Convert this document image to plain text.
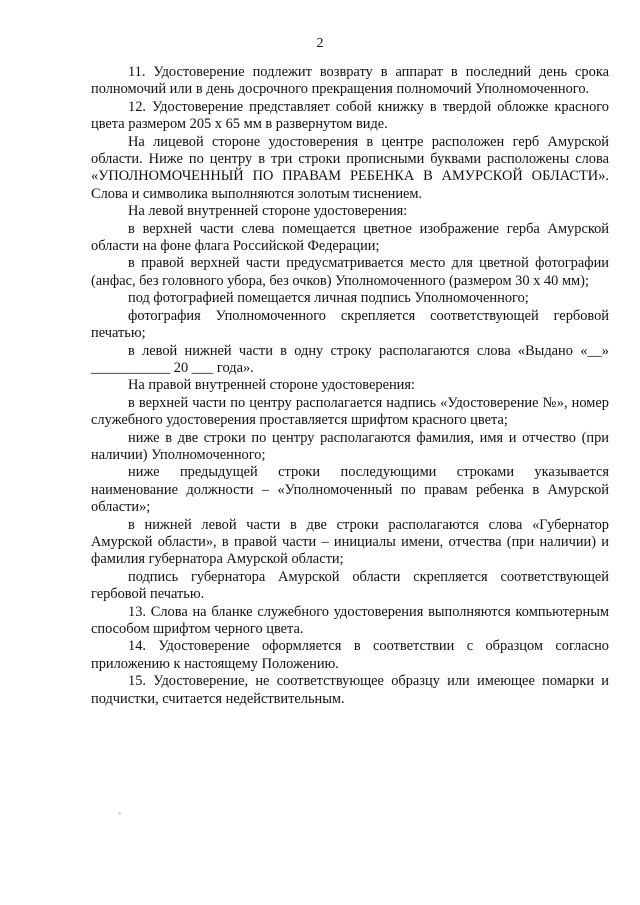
2

11. Удостоверение подлежит возврату в аппарат в последний день срока полномочий или в день досрочного прекращения полномочий Уполномоченного.

12. Удостоверение представляет собой книжку в твердой обложке красного цвета размером 205 х 65 мм в развернутом виде.

На лицевой стороне удостоверения в центре расположен герб Амурской области. Ниже по центру в три строки прописными буквами расположены слова «УПОЛНОМОЧЕННЫЙ ПО ПРАВАМ РЕБЕНКА В АМУРСКОЙ ОБЛАСТИ». Слова и символика выполняются золотым тиснением.

На левой внутренней стороне удостоверения:

в верхней части слева помещается цветное изображение герба Амурской области на фоне флага Российской Федерации;

в правой верхней части предусматривается место для цветной фотографии (анфас, без головного убора, без очков) Уполномоченного (размером 30 х 40 мм);

под фотографией помещается личная подпись Уполномоченного;

фотография Уполномоченного скрепляется соответствующей гербовой печатью;

в левой нижней части в одну строку располагаются слова «Выдано «__» ___________ 20 ___ года».

На правой внутренней стороне удостоверения:

в верхней части по центру располагается надпись «Удостоверение №», номер служебного удостоверения проставляется шрифтом красного цвета;

ниже в две строки по центру располагаются фамилия, имя и отчество (при наличии) Уполномоченного;

ниже предыдущей строки последующими строками указывается наименование должности – «Уполномоченный по правам ребенка в Амурской области»;

в нижней левой части в две строки располагаются слова «Губернатор Амурской области», в правой части – инициалы имени, отчества (при наличии) и фамилия губернатора Амурской области;

подпись губернатора Амурской области скрепляется соответствующей гербовой печатью.

13. Слова на бланке служебного удостоверения выполняются компьютерным способом шрифтом черного цвета.

14. Удостоверение оформляется в соответствии с образцом согласно приложению к настоящему Положению.

15. Удостоверение, не соответствующее образцу или имеющее помарки и подчистки, считается недействительным.
